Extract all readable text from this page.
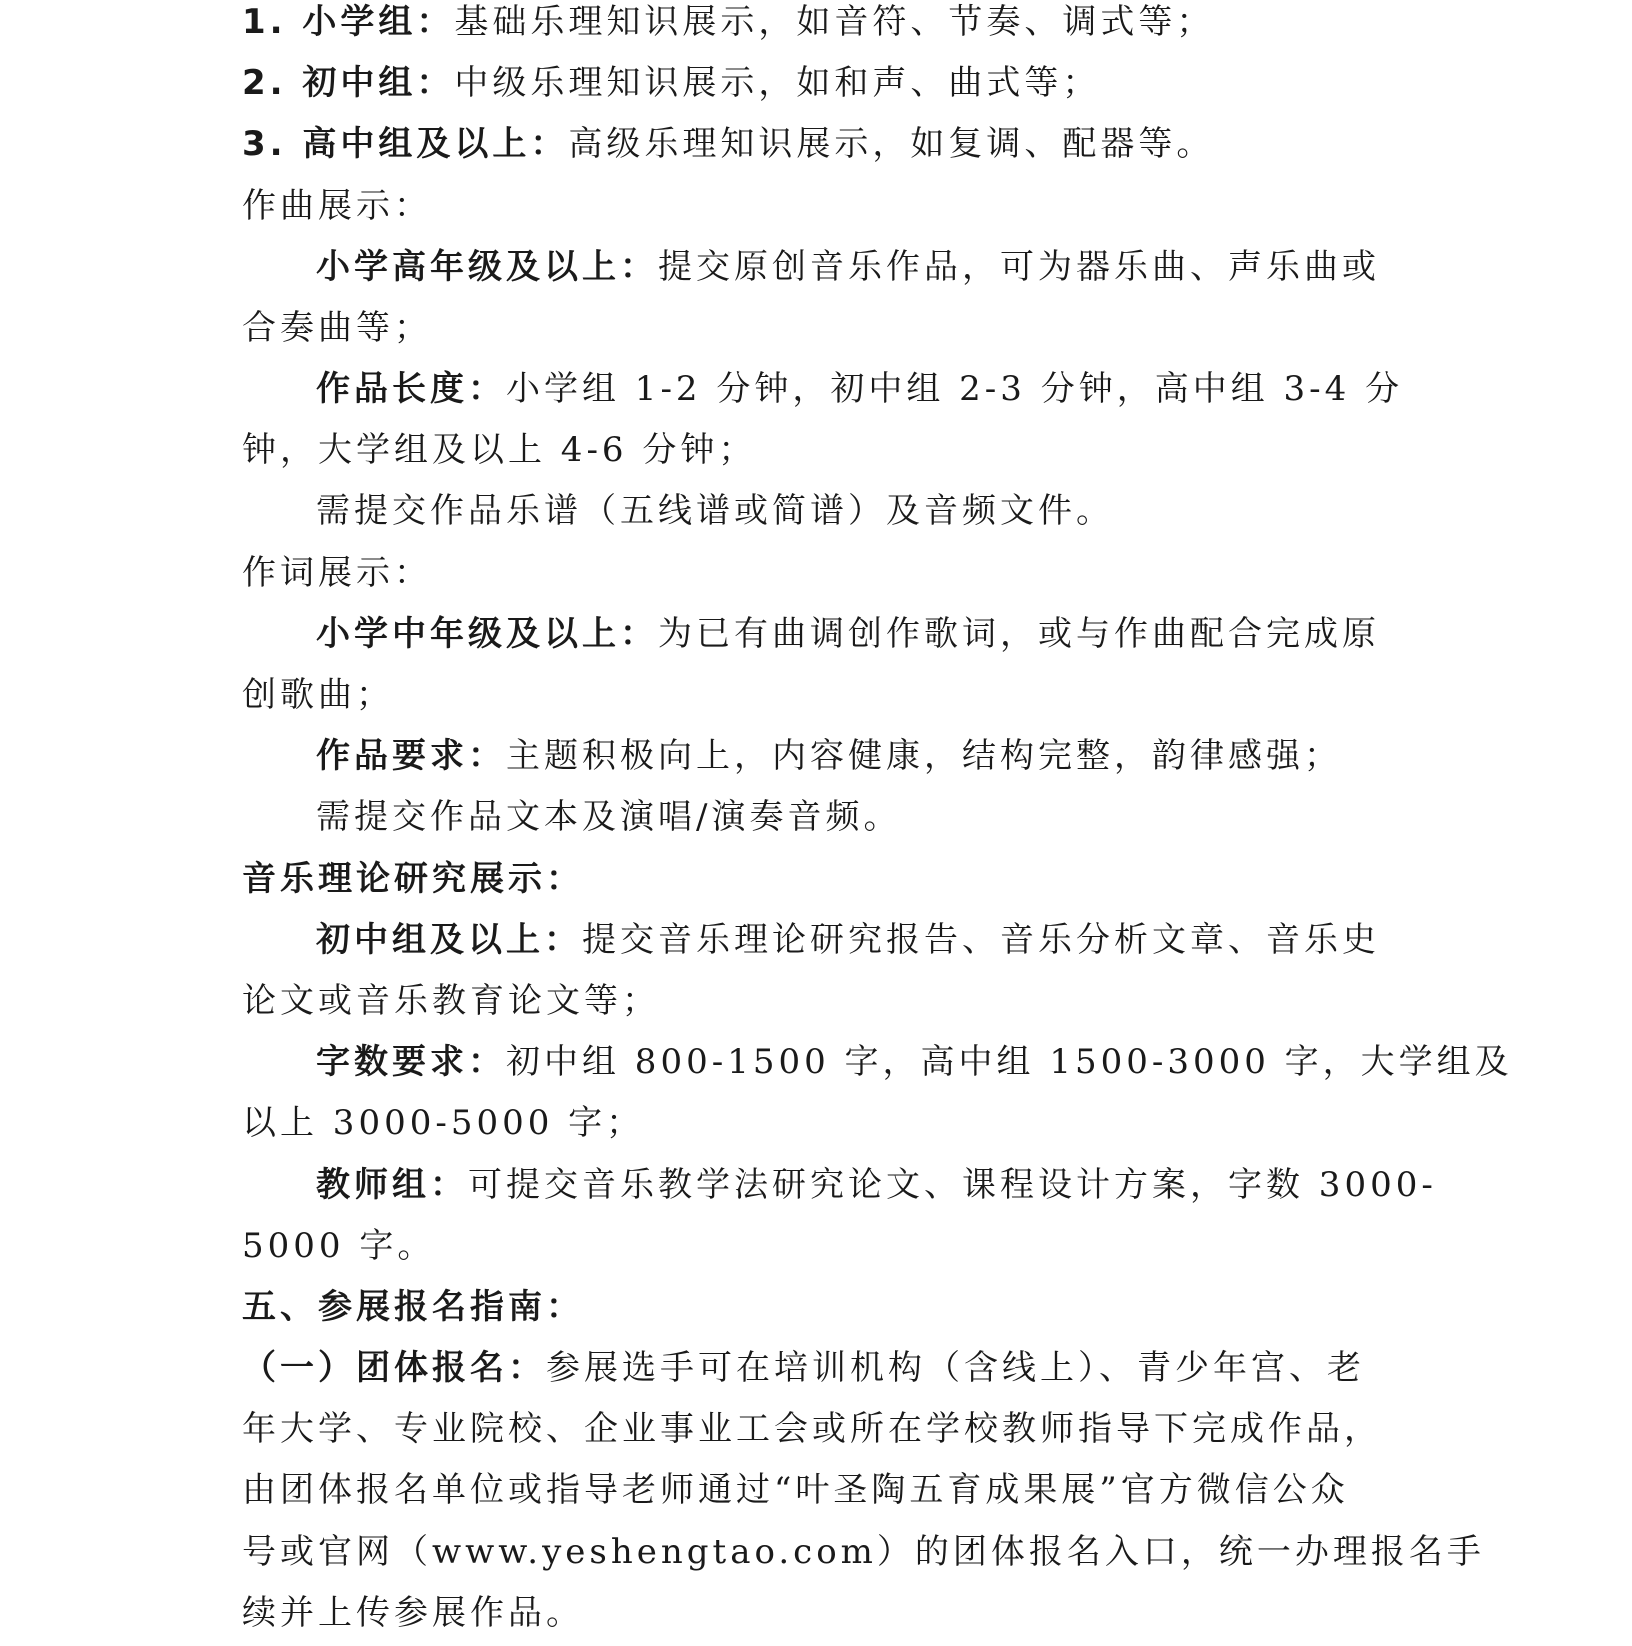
1. 小学组：基础乐理知识展示，如音符、节奏、调式等；
2. 初中组：中级乐理知识展示，如和声、曲式等；
3. 高中组及以上：高级乐理知识展示，如复调、配器等。
作曲展示：
小学高年级及以上：提交原创音乐作品，可为器乐曲、声乐曲或
合奏曲等；
作品长度：小学组 1-2 分钟，初中组 2-3 分钟，高中组 3-4 分
钟，大学组及以上 4-6 分钟；
需提交作品乐谱（五线谱或简谱）及音频文件。
作词展示：
小学中年级及以上：为已有曲调创作歌词，或与作曲配合完成原
创歌曲；
作品要求：主题积极向上，内容健康，结构完整，韵律感强；
需提交作品文本及演唱/演奏音频。
音乐理论研究展示：
初中组及以上：提交音乐理论研究报告、音乐分析文章、音乐史
论文或音乐教育论文等；
字数要求：初中组 800-1500 字，高中组 1500-3000 字，大学组及
以上 3000-5000 字；
教师组：可提交音乐教学法研究论文、课程设计方案，字数 3000-
5000 字。
五、参展报名指南：
（一）团体报名：参展选手可在培训机构（含线上）、青少年宫、老
年大学、专业院校、企业事业工会或所在学校教师指导下完成作品，
由团体报名单位或指导老师通过“叶圣陶五育成果展”官方微信公众
号或官网（www.yeshengtao.com）的团体报名入口，统一办理报名手
续并上传参展作品。
